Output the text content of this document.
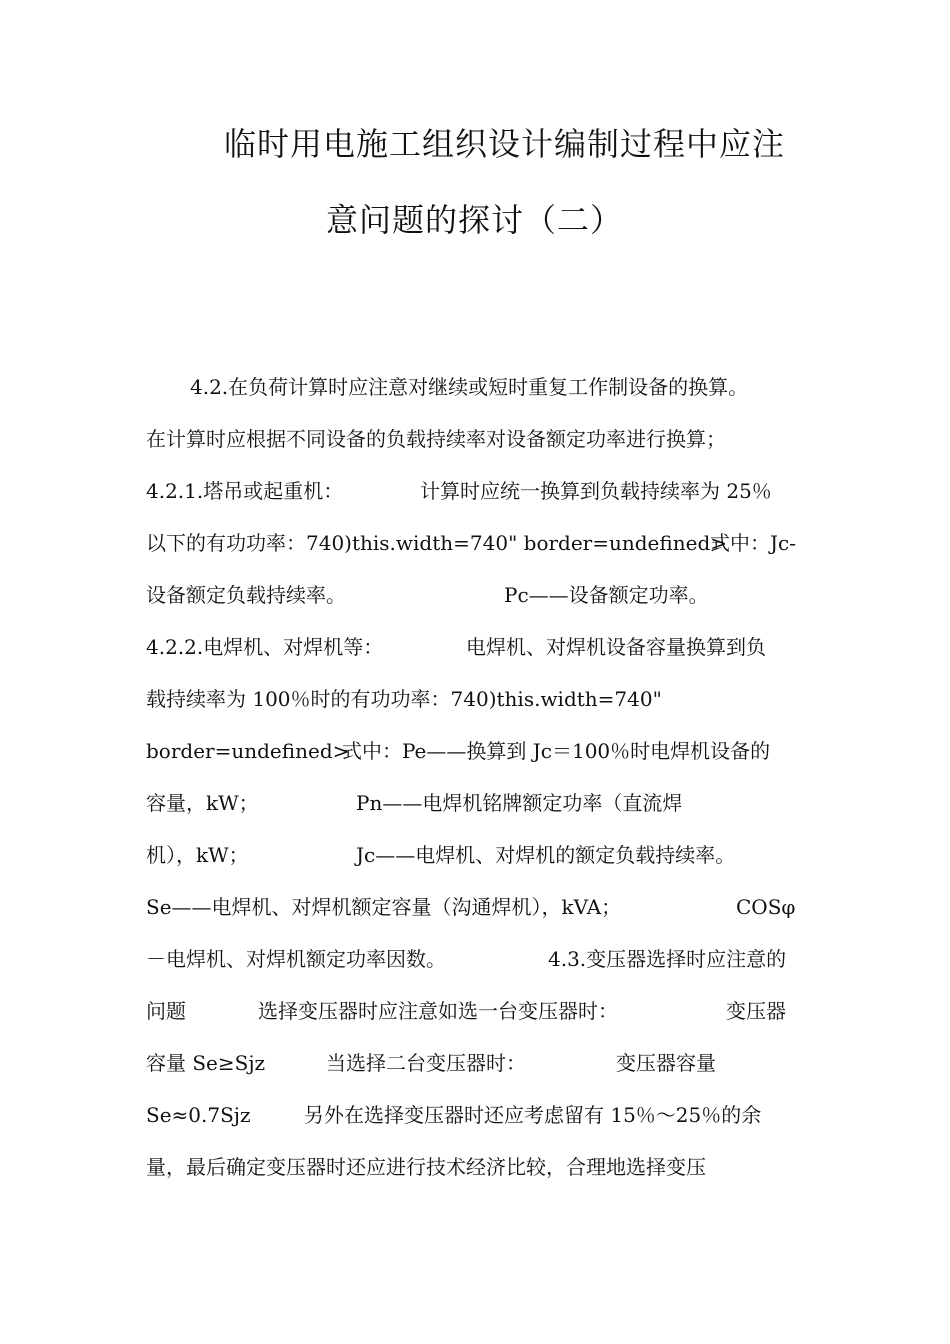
临时用电施工组织设计编制过程中应注
意问题的探讨（二）
4.2.在负荷计算时应注意对继续或短时重复工作制设备的换算。
在计算时应根据不同设备的负载持续率对设备额定功率进行换算；
4.2.1.塔吊或起重机：	计算时应统一换算到负载持续率为 25％
以下的有功功率：740)this.width=740" border=undefined>
式中：Jc-
设备额定负载持续率。	Pc——设备额定功率。
4.2.2.电焊机、对焊机等：	电焊机、对焊机设备容量换算到负
载持续率为 100％时的有功功率：740)this.width=740"
border=undefined>
式中：Pe——换算到 Jc＝100％时电焊机设备的
容量，kW；	Pn——电焊机铭牌额定功率（直流焊
机），kW；	Jc——电焊机、对焊机的额定负载持续率。
Se——电焊机、对焊机额定容量（沟通焊机），kVA；	COSφ
－电焊机、对焊机额定功率因数。	4.3.变压器选择时应注意的
问题	选择变压器时应注意如选一台变压器时：	变压器
容量 Se≥Sjz	当选择二台变压器时：	变压器容量
Se≈0.7Sjz	另外在选择变压器时还应考虑留有 15％～25％的余
量，最后确定变压器时还应进行技术经济比较，合理地选择变压
